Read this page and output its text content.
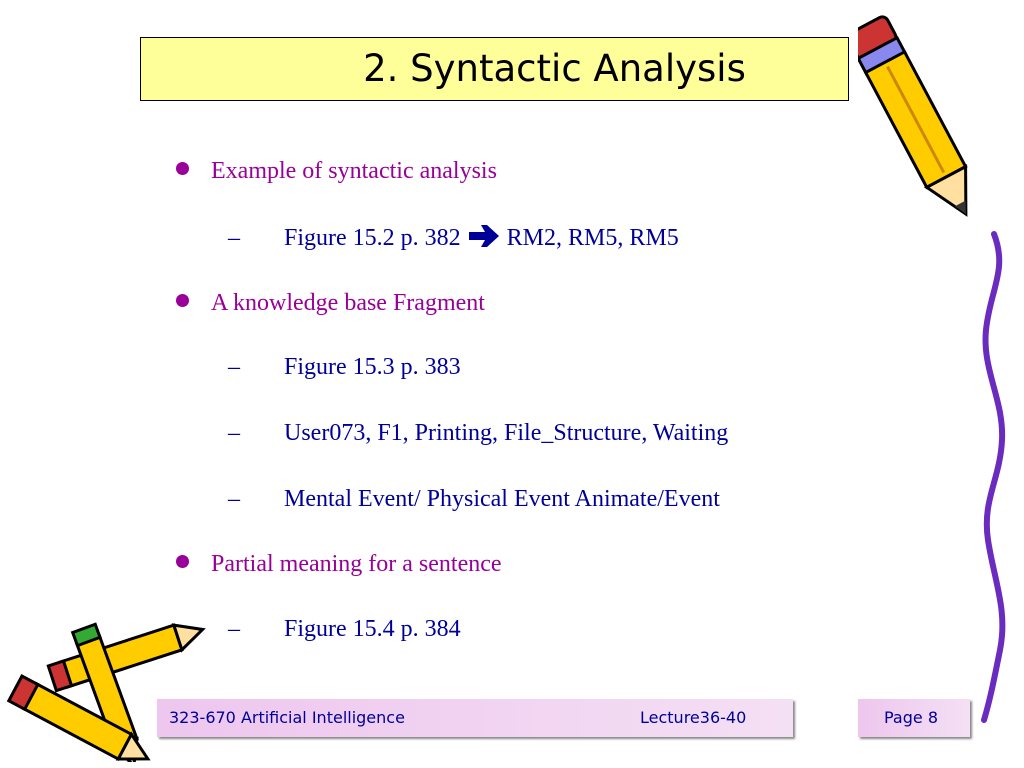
2. Syntactic Analysis
Example of syntactic analysis
– Figure 15.2 p. 382 RM2, RM5, RM5
A knowledge base Fragment
– Figure 15.3 p. 383
– User073, F1, Printing, File_Structure, Waiting
– Mental Event/ Physical Event Animate/Event
Partial meaning for a sentence
– Figure 15.4 p. 384
323-670 Artificial Intelligence	Lecture36-40	Page 8
